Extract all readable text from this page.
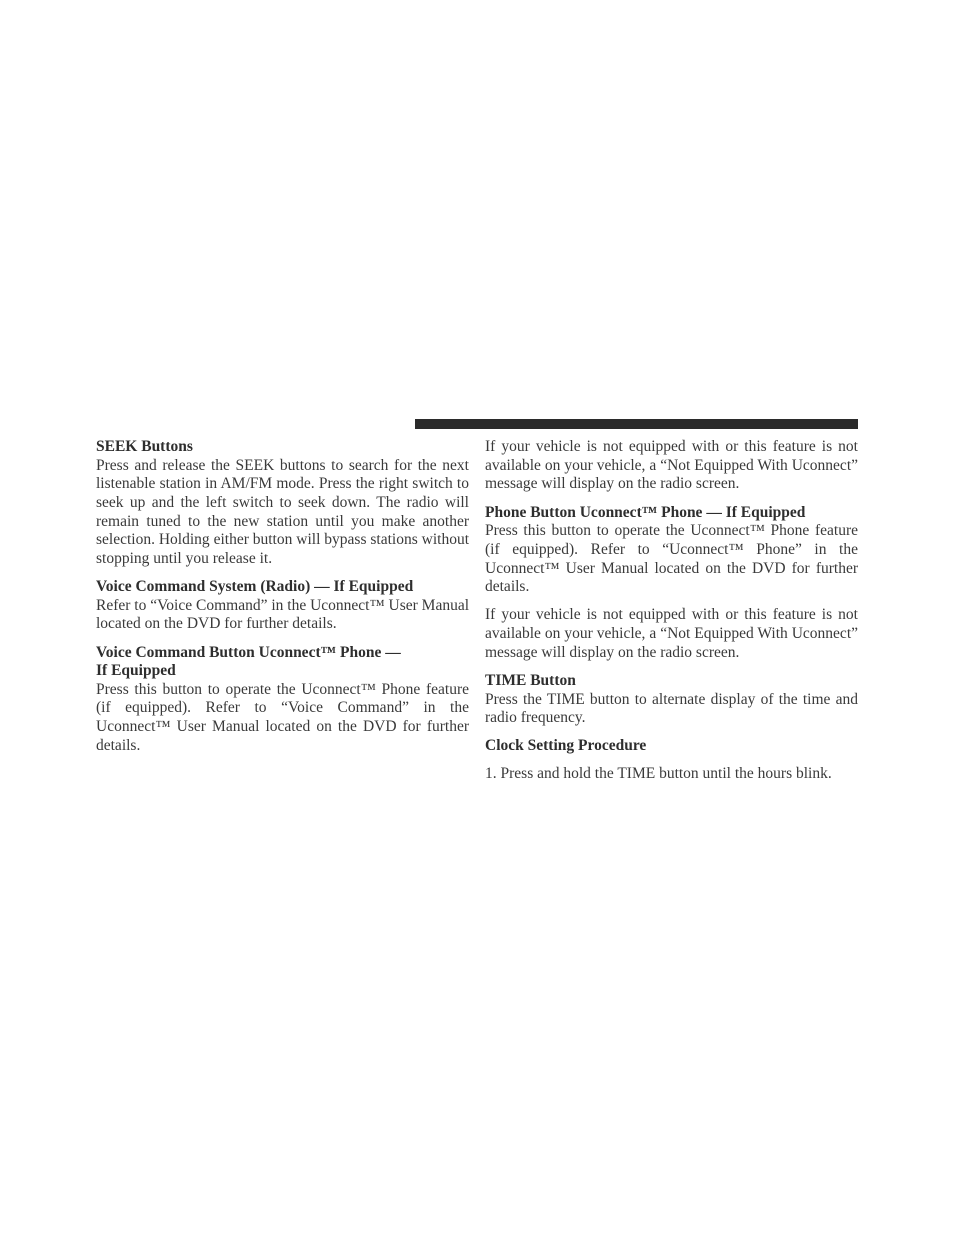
SEEK Buttons

Press and release the SEEK buttons to search for the next listenable station in AM/FM mode. Press the right switch to seek up and the left switch to seek down. The radio will remain tuned to the new station until you make another selection. Holding either button will bypass stations without stopping until you release it.

Voice Command System (Radio) — If Equipped

Refer to “Voice Command” in the Uconnect™ User Manual located on the DVD for further details.

Voice Command Button Uconnect™ Phone —
If Equipped

Press this button to operate the Uconnect™ Phone feature (if equipped). Refer to “Voice Command” in the Uconnect™ User Manual located on the DVD for further details.

If your vehicle is not equipped with or this feature is not available on your vehicle, a “Not Equipped With Uconnect” message will display on the radio screen.

Phone Button Uconnect™ Phone — If Equipped

Press this button to operate the Uconnect™ Phone feature (if equipped). Refer to “Uconnect™ Phone” in the Uconnect™ User Manual located on the DVD for further details.

If your vehicle is not equipped with or this feature is not available on your vehicle, a “Not Equipped With Uconnect” message will display on the radio screen.

TIME Button

Press the TIME button to alternate display of the time and radio frequency.

Clock Setting Procedure
1. Press and hold the TIME button until the hours blink.
